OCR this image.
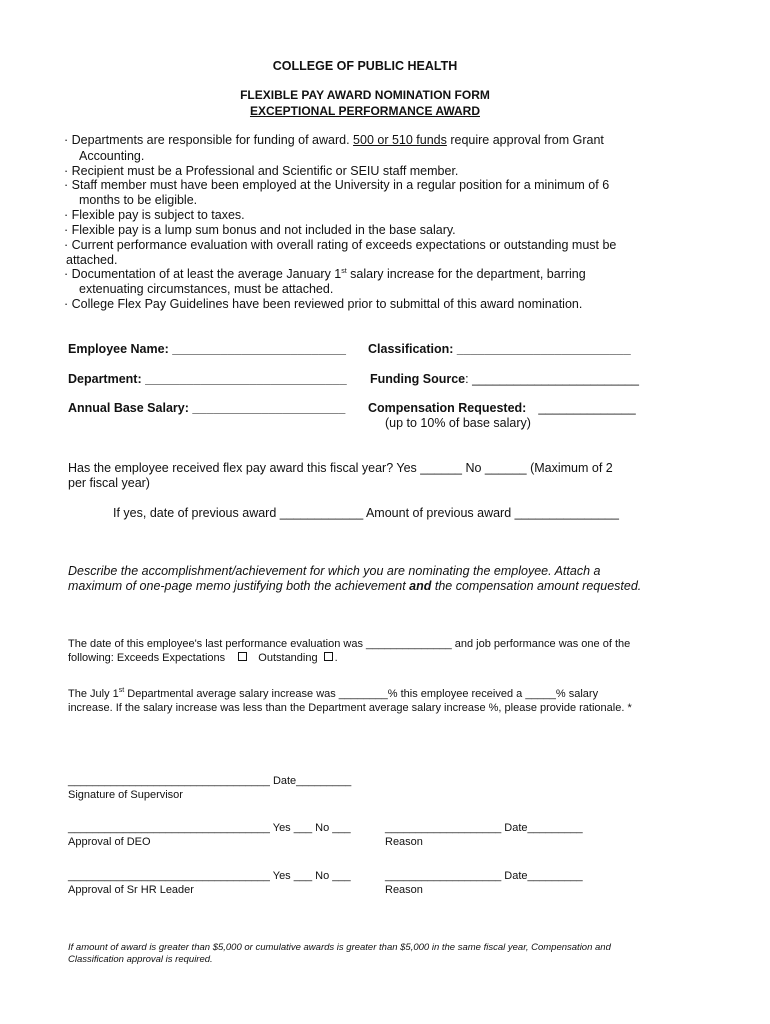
COLLEGE OF PUBLIC HEALTH
FLEXIBLE PAY AWARD NOMINATION FORM
EXCEPTIONAL PERFORMANCE AWARD
· Departments are responsible for funding of award. 500 or 510 funds require approval from Grant
Accounting.
· Recipient must be a Professional and Scientific or SEIU staff member.
· Staff member must have been employed at the University in a regular position for a minimum of 6
months to be eligible.
· Flexible pay is subject to taxes.
· Flexible pay is a lump sum bonus and not included in the base salary.
· Current performance evaluation with overall rating of exceeds expectations or outstanding must be
attached.
· Documentation of at least the average January 1st salary increase for the department, barring
extenuating circumstances, must be attached.
· College Flex Pay Guidelines have been reviewed prior to submittal of this award nomination.
Employee Name: _________________________ Classification: _________________________
Department: _____________________________ Funding Source: ________________________
Annual Base Salary: ______________________ Compensation Requested: ______________
(up to 10% of base salary)
Has the employee received flex pay award this fiscal year? Yes ______ No ______ (Maximum of 2
per fiscal year)
If yes, date of previous award ____________ Amount of previous award _______________
Describe the accomplishment/achievement for which you are nominating the employee. Attach a
maximum of one-page memo justifying both the achievement and the compensation amount requested.
The date of this employee's last performance evaluation was ______________ and job performance was one of the
following: Exceeds Expectations	Outstanding .
The July 1st Departmental average salary increase was ________% this employee received a _____% salary
increase. If the salary increase was less than the Department average salary increase %, please provide rationale. *
_________________________________ Date_________
Signature of Supervisor
_________________________________ Yes ___ No ___	___________________ Date_________
Approval of DEO	Reason
_________________________________ Yes ___ No ___	___________________ Date_________
Approval of Sr HR Leader	Reason
If amount of award is greater than $5,000 or cumulative awards is greater than $5,000 in the same fiscal year, Compensation and
Classification approval is required.
